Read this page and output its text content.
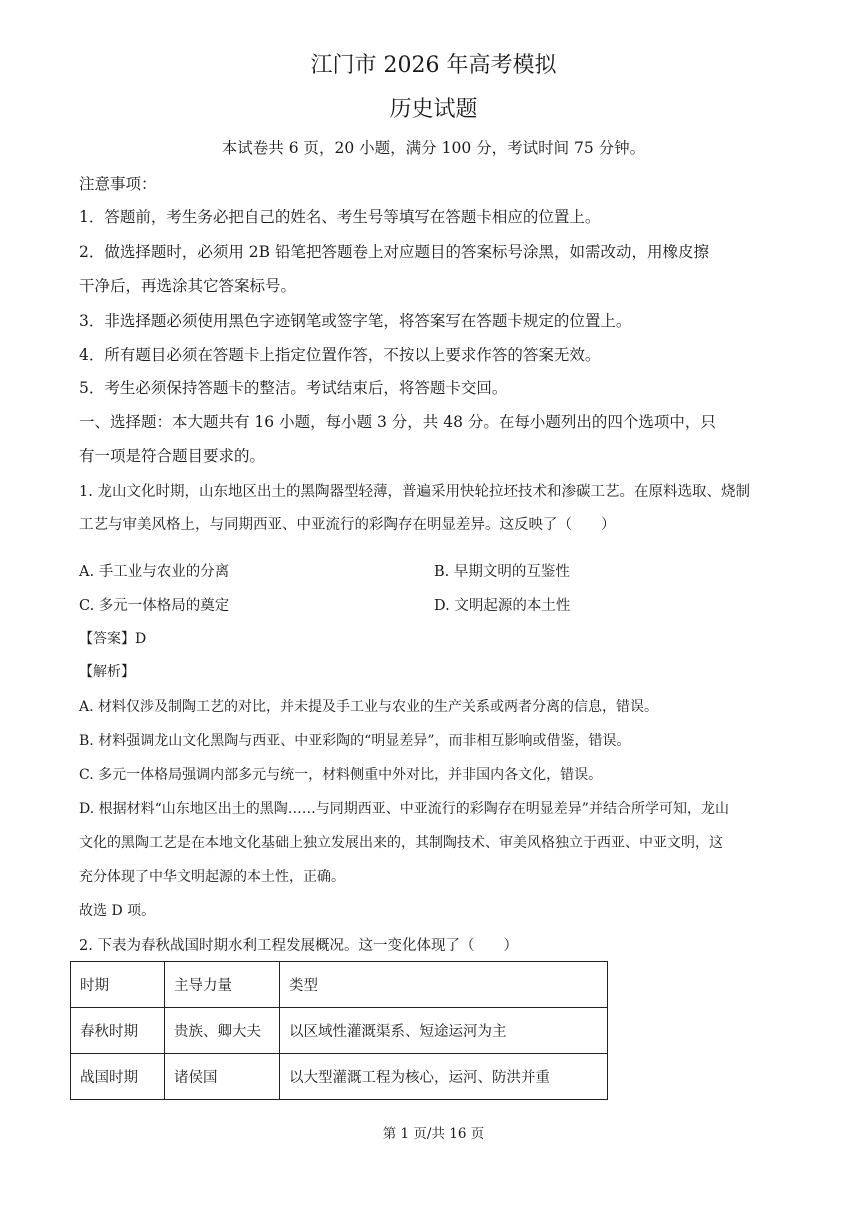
江门市 2026 年高考模拟
历史试题
本试卷共 6 页，20 小题，满分 100 分，考试时间 75 分钟。
注意事项：
1．答题前，考生务必把自己的姓名、考生号等填写在答题卡相应的位置上。
2．做选择题时，必须用 2B 铅笔把答题卷上对应题目的答案标号涂黑，如需改动，用橡皮擦
干净后，再选涂其它答案标号。
3．非选择题必须使用黑色字迹钢笔或签字笔，将答案写在答题卡规定的位置上。
4．所有题目必须在答题卡上指定位置作答，不按以上要求作答的答案无效。
5．考生必须保持答题卡的整洁。考试结束后，将答题卡交回。
一、选择题：本大题共有 16 小题，每小题 3 分，共 48 分。在每小题列出的四个选项中，只
有一项是符合题目要求的。
1. 龙山文化时期，山东地区出土的黑陶器型轻薄，普遍采用快轮拉坯技术和渗碳工艺。在原料选取、烧制
工艺与审美风格上，与同期西亚、中亚流行的彩陶存在明显差异。这反映了（　　）
A. 手工业与农业的分离	B. 早期文明的互鉴性
C. 多元一体格局的奠定	D. 文明起源的本土性
【答案】D
【解析】
A. 材料仅涉及制陶工艺的对比，并未提及手工业与农业的生产关系或两者分离的信息，错误。
B. 材料强调龙山文化黑陶与西亚、中亚彩陶的“明显差异”，而非相互影响或借鉴，错误。
C. 多元一体格局强调内部多元与统一，材料侧重中外对比，并非国内各文化，错误。
D. 根据材料“山东地区出土的黑陶……与同期西亚、中亚流行的彩陶存在明显差异”并结合所学可知，龙山
文化的黑陶工艺是在本地文化基础上独立发展出来的，其制陶技术、审美风格独立于西亚、中亚文明，这
充分体现了中华文明起源的本土性，正确。
故选 D 项。
2. 下表为春秋战国时期水利工程发展概况。这一变化体现了（　　）
时期	主导力量	类型
春秋时期	贵族、卿大夫	以区域性灌溉渠系、短途运河为主
战国时期	诸侯国	以大型灌溉工程为核心，运河、防洪并重
第 1 页/共 16 页
